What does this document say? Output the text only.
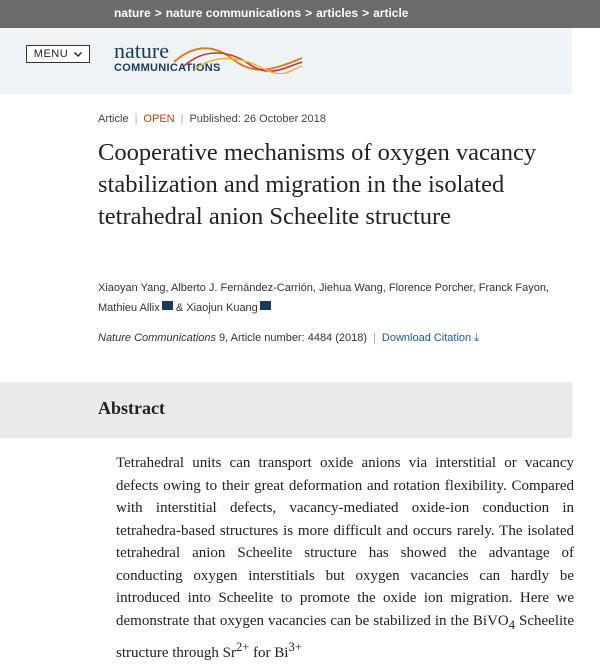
nature > nature communications > articles > article
MENU nature
COMMUNICATIONS
Article | OPEN | Published: 26 October 2018
Cooperative mechanisms of oxygen vacancy stabilization and migration in the isolated tetrahedral anion Scheelite structure
Xiaoyan Yang, Alberto J. Fernández-Carrión, Jiehua Wang, Florence Porcher, Franck Fayon,
Mathieu Allix & Xiaojun Kuang
Nature Communications 9, Article number: 4484 (2018) | Download Citation ⤓
Abstract
Tetrahedral units can transport oxide anions via interstitial or vacancy defects owing to their great deformation and rotation flexibility. Compared with interstitial defects, vacancy-mediated oxide-ion conduction in tetrahedra-based structures is more difficult and occurs rarely. The isolated tetrahedral anion Scheelite structure has showed the advantage of conducting oxygen interstitials but oxygen vacancies can hardly be introduced into Scheelite to promote the oxide ion migration. Here we demonstrate that oxygen vacancies can be stabilized in the BiVO$_4$ Scheelite structure through $Sr^{2+}$ for $Bi^{3+}$
